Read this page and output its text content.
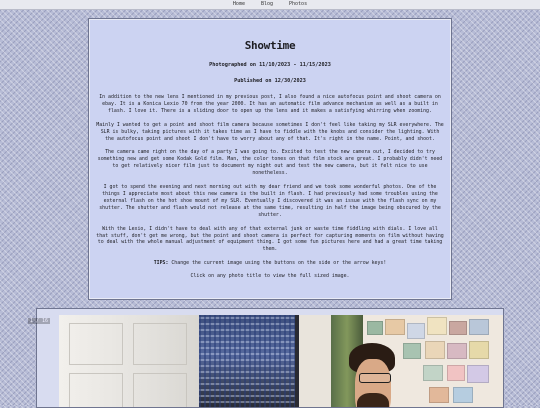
Home	Blog	Photos
Showtime
Photographed on 11/10/2023 - 11/15/2023
Published on 12/30/2023

In addition to the new lens I mentioned in my previous post, I also found a nice autofocus point and shoot camera on ebay. It is a Konica Lexio 70 from the year 2000. It has an automatic film advance mechanism as well as a built in flash. I love it. There is a sliding door to open up the lens and it makes a satisfying whirring when zooming.

Mainly I wanted to get a point and shoot film camera because sometimes I don't feel like taking my SLR everywhere. The SLR is bulky, taking pictures with it takes time as I have to fiddle with the knobs and consider the lighting. With the autofocus point and shoot I don't have to worry about any of that. It's right in the name. Point, and shoot.

The camera came right on the day of a party I was going to. Excited to test the new camera out, I decided to try something new and get some Kodak Gold film. Man, the color tones on that film stock are great. I probably didn't need to get relatively nicer film just to document my night out and test the new camera, but it felt nice to use nonetheless.

I got to spend the evening and next morning out with my dear friend and we took some wonderful photos. One of the things I appreciate most about this new camera is the built in flash. I had previously had some troubles using the external flash on the hot shoe mount of my SLR. Eventually I discovered it was an issue with the flash sync on my shutter. The shutter and flash would not release at the same time, resulting in half the image being obscured by the shutter.

With the Lexio, I didn't have to deal with any of that external junk or waste time fiddling with dials. I love all that stuff, don't get me wrong, but the point and shoot camera is perfect for capturing moments on film without having to deal with the whole manual adjustment of equipment thing. I got some fun pictures here and had a great time taking them.

TIPS: Change the current image using the buttons on the side or the arrow keys!

Click on any photo title to view the full sized image.

1 / 16
